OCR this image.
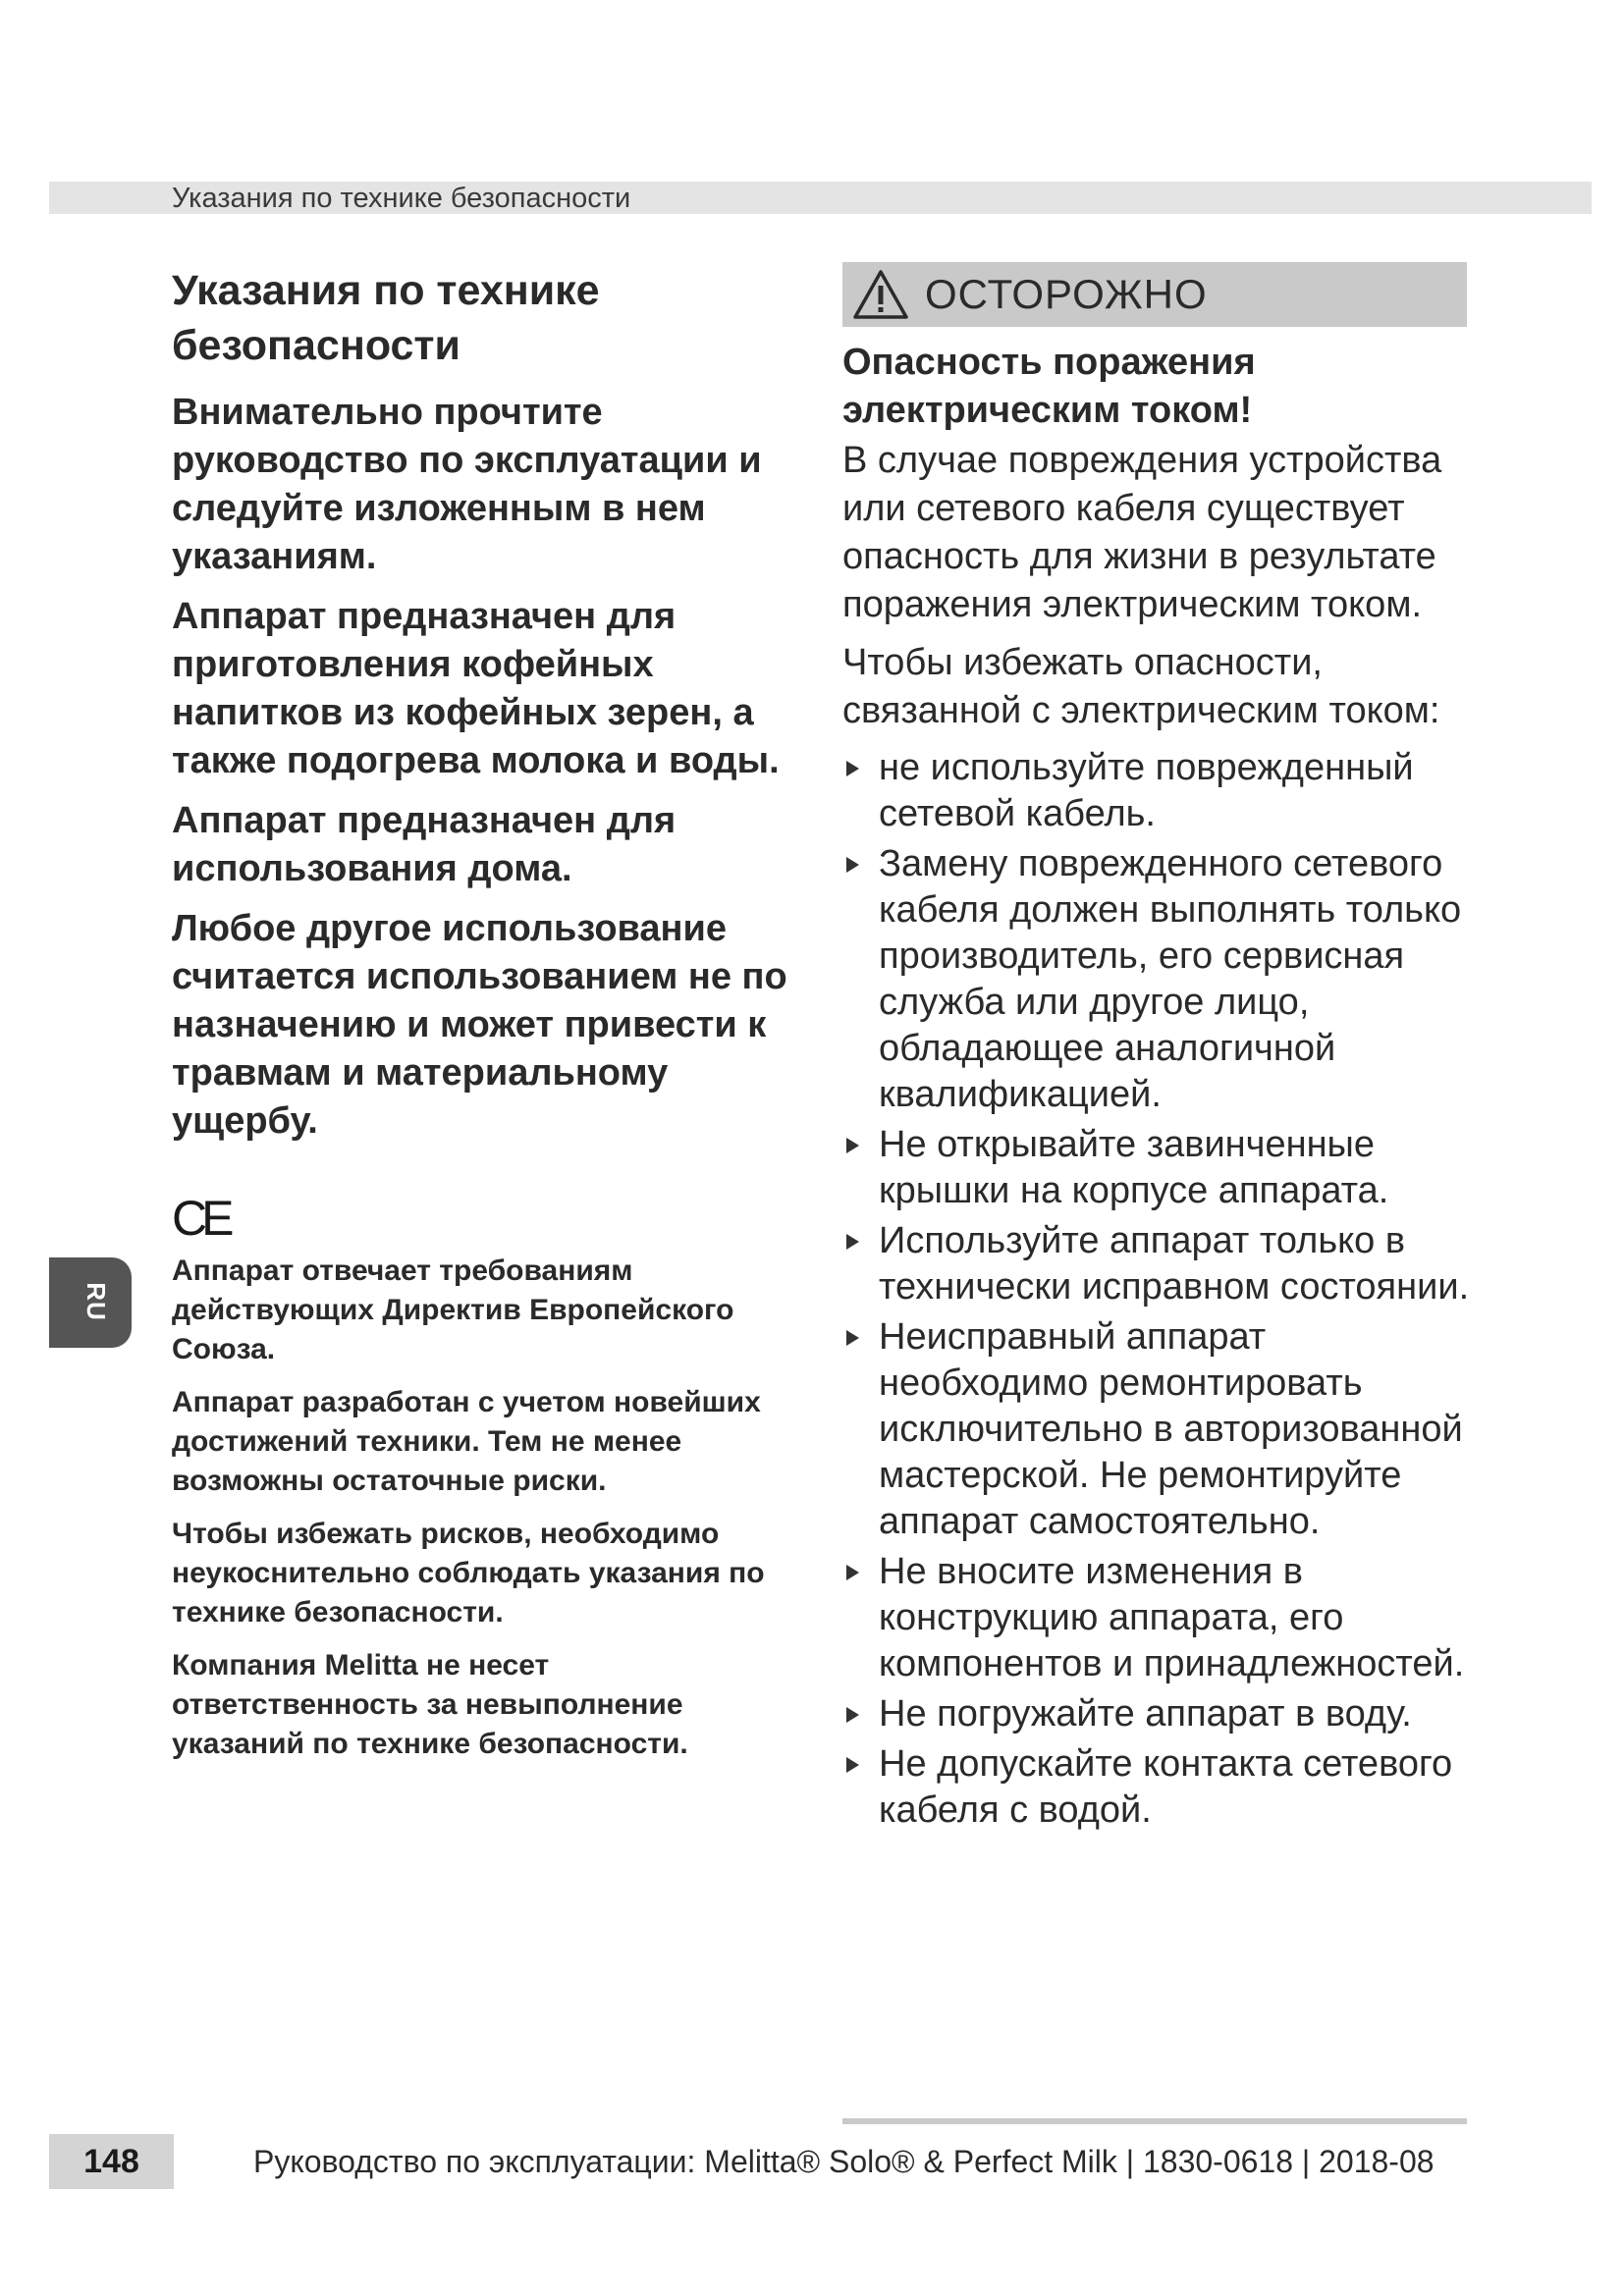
Указания по технике безопасности
RU
Указания по технике безопасности

Внимательно прочтите руководство по эксплуатации и следуйте изложенным в нем указаниям.

Аппарат предназначен для приготовления кофейных напитков из кофейных зерен, а также подогрева молока и воды.

Аппарат предназначен для использования дома.

Любое другое использование считается использованием не по назначению и может привести к травмам и материальному ущербу.

CE

Аппарат отвечает требованиям действующих Директив Европейского Союза.

Аппарат разработан с учетом новейших достижений техники. Тем не менее возможны остаточные риски.

Чтобы избежать рисков, необходимо неукоснительно соблюдать указания по технике безопасности.

Компания Melitta не несет ответственность за невыполнение указаний по технике безопасности.

ОСТОРОЖНО

Опасность поражения электрическим током!

В случае повреждения устройства или сетевого кабеля существует опасность для жизни в результате поражения электрическим током.

Чтобы избежать опасности, связанной с электрическим током:

не используйте поврежденный сетевой кабель.
Замену поврежденного сетевого кабеля должен выполнять только производитель, его сервисная служба или другое лицо, обладающее аналогичной квалификацией.
Не открывайте завинченные крышки на корпусе аппарата.
Используйте аппарат только в технически исправном состоянии.
Неисправный аппарат необходимо ремонтировать исключительно в авторизованной мастерской. Не ремонтируйте аппарат самостоятельно.
Не вносите изменения в конструкцию аппарата, его компонентов и принадлежностей.
Не погружайте аппарат в воду.
Не допускайте контакта сетевого кабеля с водой.
148	Руководство по эксплуатации: Melitta® Solo® & Perfect Milk | 1830-0618 | 2018-08
